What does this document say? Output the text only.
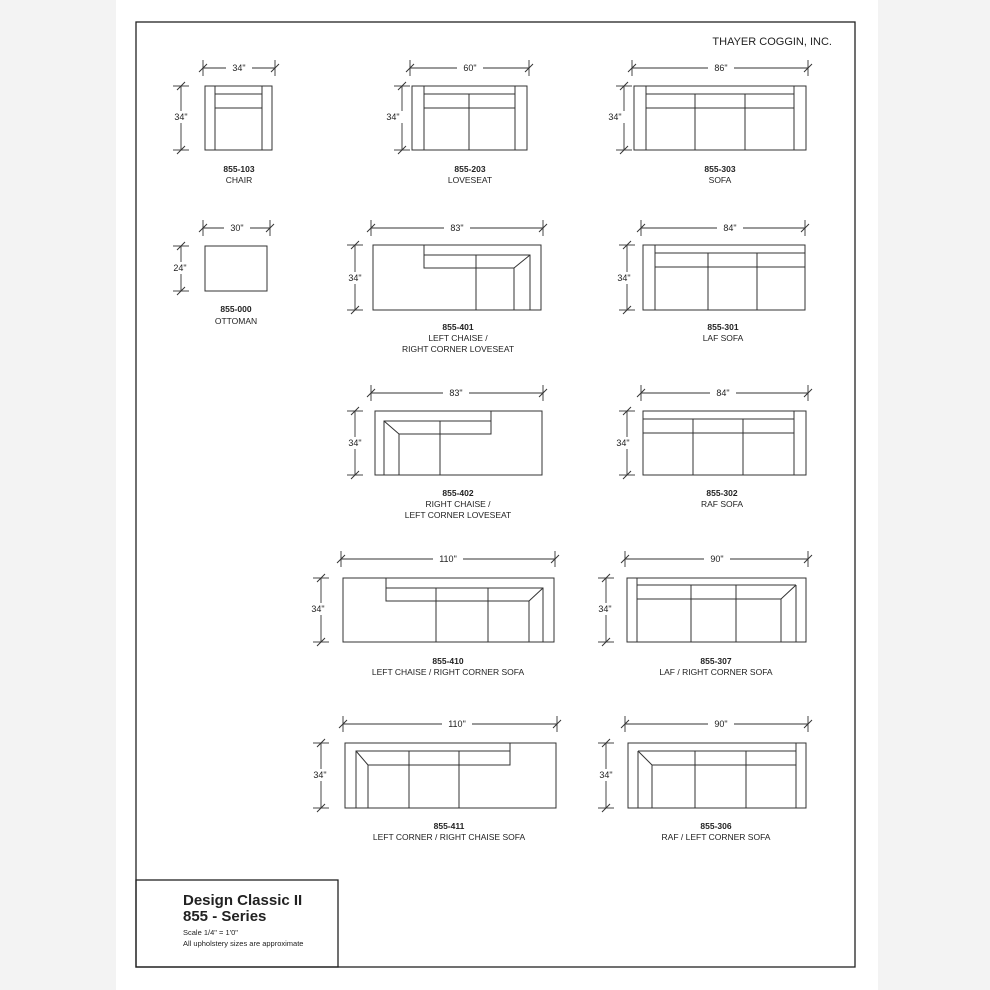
THAYER COGGIN, INC.
Design Classic II
855 - Series
Scale 1/4" = 1'0"
All upholstery sizes are approximate
34"
34"
855-103
CHAIR
60"
34"
855-203
LOVESEAT
86"
34"
855-303
SOFA
30"
24"
855-000
OTTOMAN
83"
34"
855-401
LEFT CHAISE /
RIGHT CORNER LOVESEAT
84"
34"
855-301
LAF SOFA
83"
34"
855-402
RIGHT CHAISE /
LEFT CORNER LOVESEAT
84"
34"
855-302
RAF SOFA
110"
34"
855-410
LEFT CHAISE / RIGHT CORNER SOFA
90"
34"
855-307
LAF / RIGHT CORNER SOFA
110"
34"
855-411
LEFT CORNER / RIGHT CHAISE SOFA
90"
34"
855-306
RAF / LEFT CORNER SOFA
